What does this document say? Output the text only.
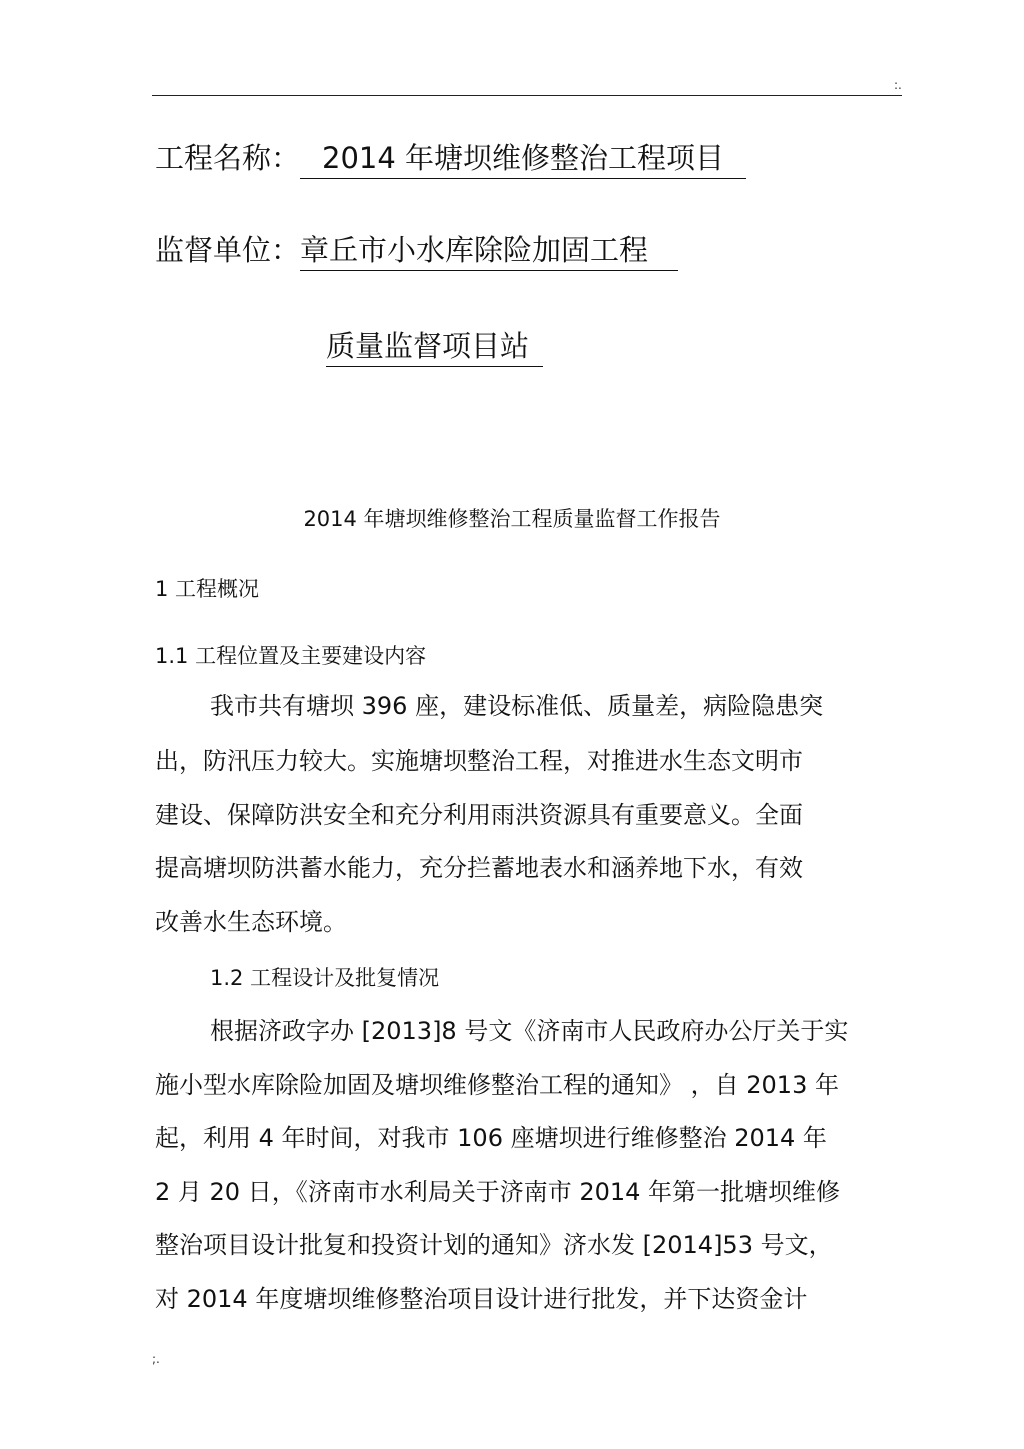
:.
工程名称： 2014 年塘坝维修整治工程项目
监督单位：章丘市小水库除险加固工程
质量监督项目站
2014 年塘坝维修整治工程质量监督工作报告
1 工程概况
1.1 工程位置及主要建设内容
我市共有塘坝 396 座，建设标准低、质量差，病险隐患突
出，防汛压力较大。实施塘坝整治工程，对推进水生态文明市
建设、保障防洪安全和充分利用雨洪资源具有重要意义。全面
提高塘坝防洪蓄水能力，充分拦蓄地表水和涵养地下水，有效
改善水生态环境。
1.2 工程设计及批复情况
根据济政字办 [2013]8 号文《济南市人民政府办公厅关于实
施小型水库除险加固及塘坝维修整治工程的通知》 ，自 2013 年
起，利用 4 年时间，对我市 106 座塘坝进行维修整治 2014 年
2 月 20 日，《济南市水利局关于济南市 2014 年第一批塘坝维修
整治项目设计批复和投资计划的通知》济水发 [2014]53 号文，
对 2014 年度塘坝维修整治项目设计进行批发，并下达资金计
;.
